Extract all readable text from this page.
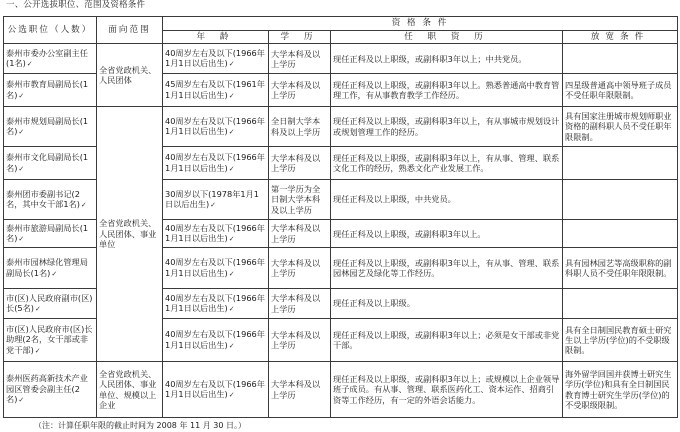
一、公开选拔职位、范围及资格条件
公选职位（人数）	面向范围	资 格 条 件			
		年 龄	学 历	任 职 资 历	放宽条件
泰州市委办公室副主任(1名)✓	全省党政机关、人民团体	40周岁左右及以下(1966年1月1日以后出生)✓	大学本科及以上学历	现任正科及以上职级，或副科职3年以上；中共党员。	
泰州市教育局副局长(1名)✓		45周岁左右及以下(1961年1月1日以后出生)✓	大学本科及以上学历	现任正科及以上职级，或副科职3年以上。熟悉普通高中教育管理工作，有从事教育教学工作经历。	四星级普通高中领导班子成员不受任职年限限制。
泰州市规划局副局长(1名)✓	全省党政机关、人民团体、事业单位	40周岁左右及以下(1966年1月1日以后出生)✓	全日制大学本科及以上学历	现任正科及以上职级，或副科职3年以上，有从事城市规划设计或规划管理工作的经历。	具有国家注册城市规划师职业资格的副科职人员不受任职年限限制。
泰州市文化局副局长(1名)✓		40周岁左右及以下(1966年1月1日以后出生)✓	大学本科及以上学历	现任正科及以上职级，或副科职3年以上，有从事、管理、联系文化工作的经历，熟悉文化产业发展工作。	
泰州团市委副书记(2名，其中女干部1名)✓		30周岁以下(1978年1月1日以后出生)✓	第一学历为全日制大学本科及以上学历	现任正科及以上职级，中共党员。	
泰州市旅游局副局长(1名)✓		40周岁左右及以下(1966年1月1日以后出生)✓	大学本科及以上学历	现任正科及以上职级，或副科职3年以上。	
泰州市园林绿化管理局副局长(1名)✓		40周岁左右及以下(1966年1月1日以后出生)✓	大学本科及以上学历	现任正科及以上职级，或副科职3年以上，有从事、管理、联系园林园艺及绿化等工作经历。	具有园林园艺等高级职称的副科职人员不受任职年限限制。
市(区)人民政府副市(区)长(5名)✓		40周岁左右及以下(1966年1月1日以后出生)✓	大学本科及以上学历	现任正科及以上职级。	
市(区)人民政府市(区)长助理(2名，女干部或非党干部)✓		40周岁左右及以下(1966年1月1日以后出生)✓	大学本科及以上学历	现任正科及以上职级，或副科职3年以上；必须是女干部或非党干部。	具有全日制国民教育硕士研究生以上学历(学位)的不受职级限制。
泰州医药高新技术产业园区管委会副主任(2名)✓	全省党政机关、人民团体、事业单位、规模以上企业	40周岁左右及以下(1966年1月1日以后出生)✓	大学本科及以上学历	现任正科及以上职级，或副科职3年以上；或规模以上企业领导班子成员。有从事、管理、联系医药化工、资本运作、招商引资等工作经历，有一定的外语会话能力。	海外留学回国并获博士研究生学历(学位)和具有全日制国民教育博士研究生学历(学位)的不受职级限制。
（注：计算任职年限的截止时间为 2008 年 11 月 30 日。）
